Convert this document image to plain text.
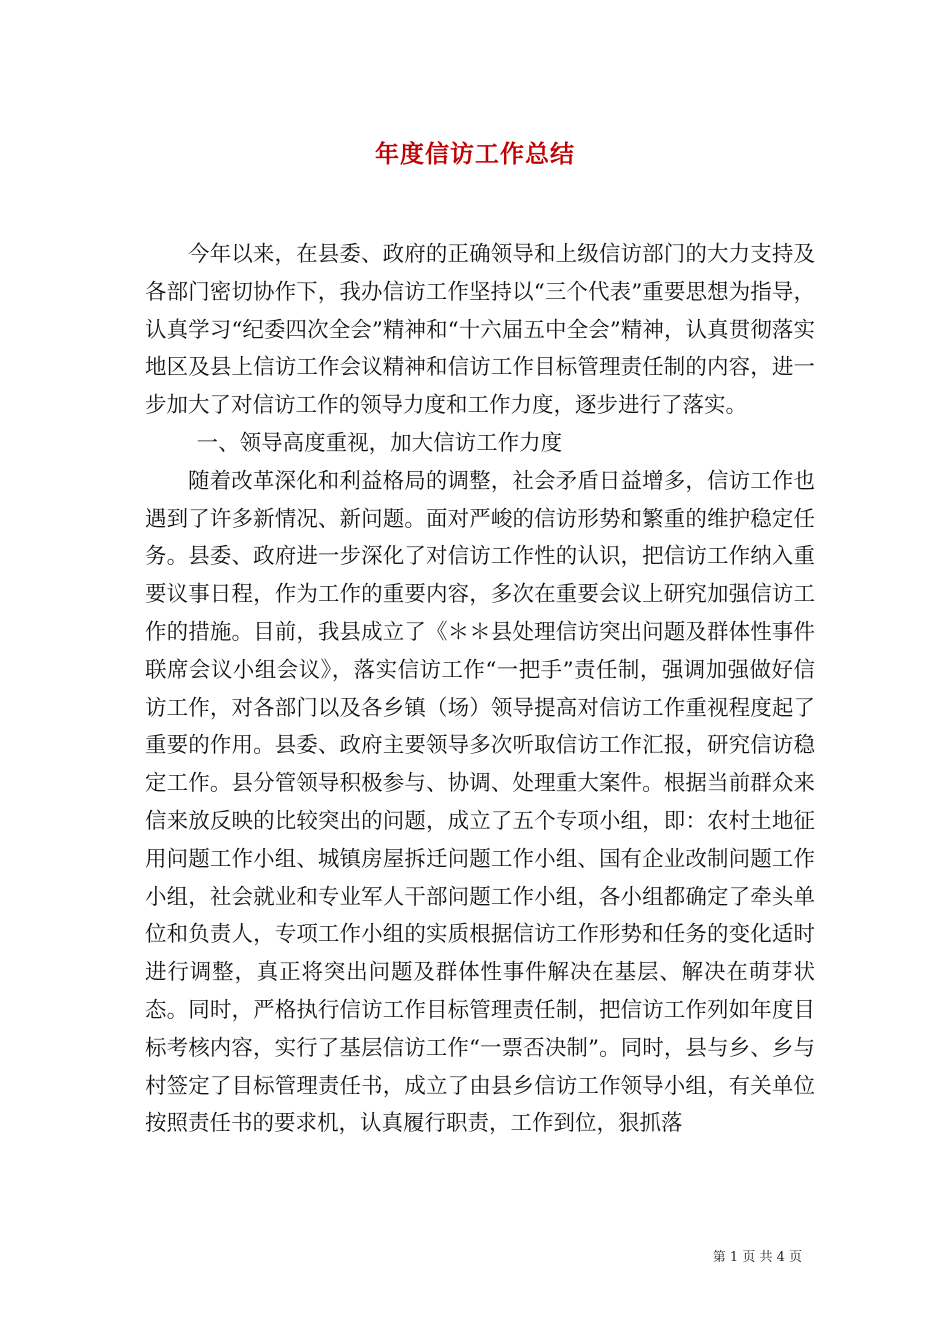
年度信访工作总结

今年以来，在县委、政府的正确领导和上级信访部门的大力支持及各部门密切协作下，我办信访工作坚持以“三个代表”重要思想为指导，认真学习“纪委四次全会”精神和“十六届五中全会”精神，认真贯彻落实地区及县上信访工作会议精神和信访工作目标管理责任制的内容，进一步加大了对信访工作的领导力度和工作力度，逐步进行了落实。

一、领导高度重视，加大信访工作力度

随着改革深化和利益格局的调整，社会矛盾日益增多，信访工作也遇到了许多新情况、新问题。面对严峻的信访形势和繁重的维护稳定任务。县委、政府进一步深化了对信访工作性的认识，把信访工作纳入重要议事日程，作为工作的重要内容，多次在重要会议上研究加强信访工作的措施。目前，我县成立了《＊＊县处理信访突出问题及群体性事件联席会议小组会议》，落实信访工作“一把手”责任制，强调加强做好信访工作，对各部门以及各乡镇（场）领导提高对信访工作重视程度起了重要的作用。县委、政府主要领导多次听取信访工作汇报，研究信访稳定工作。县分管领导积极参与、协调、处理重大案件。根据当前群众来信来放反映的比较突出的问题，成立了五个专项小组，即：农村土地征用问题工作小组、城镇房屋拆迁问题工作小组、国有企业改制问题工作小组，社会就业和专业军人干部问题工作小组，各小组都确定了牵头单位和负责人，专项工作小组的实质根据信访工作形势和任务的变化适时进行调整，真正将突出问题及群体性事件解决在基层、解决在萌芽状态。同时，严格执行信访工作目标管理责任制，把信访工作列如年度目标考核内容，实行了基层信访工作“一票否决制”。同时，县与乡、乡与村签定了目标管理责任书，成立了由县乡信访工作领导小组，有关单位按照责任书的要求机，认真履行职责，工作到位，狠抓落

第 1 页 共 4 页
